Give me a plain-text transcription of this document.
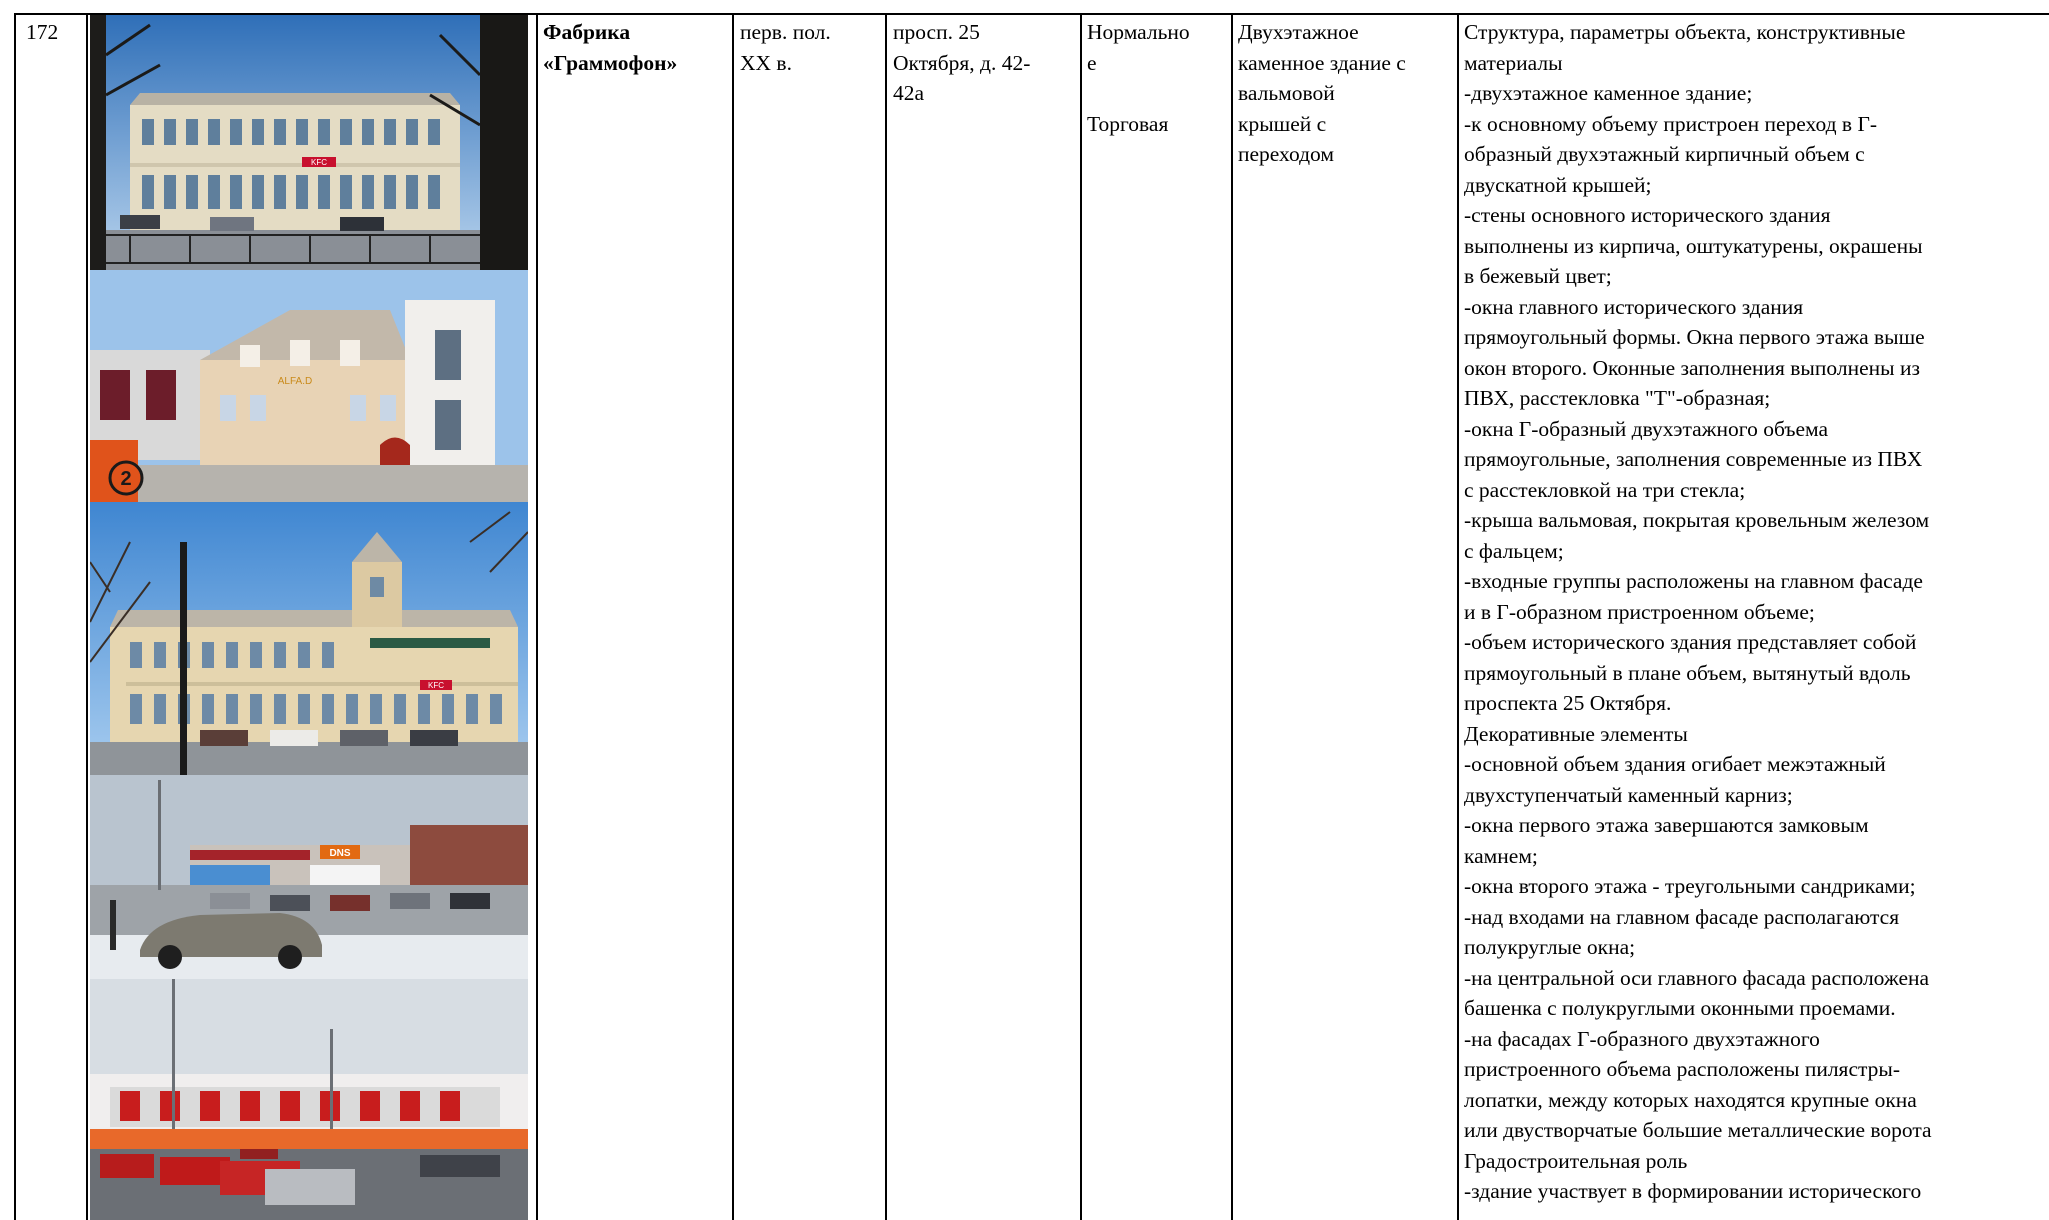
172	Фабрика
«Граммофон»
перв. пол.
XX в.
просп. 25
Октября, д. 42-
42а
Нормально
е

Торговая
Двухэтажное
каменное здание с
вальмовой
крышей с
переходом
Структура, параметры объекта, конструктивные
материалы
-двухэтажное каменное здание;
-к основному объему пристроен переход в Г-
образный двухэтажный кирпичный объем с
двускатной крышей;
-стены основного исторического здания
выполнены из кирпича, оштукатурены, окрашены
в бежевый цвет;
-окна главного исторического здания
прямоугольный формы. Окна первого этажа выше
окон второго. Оконные заполнения выполнены из
ПВХ, расстекловка "Т"-образная;
-окна Г-образный двухэтажного объема
прямоугольные, заполнения современные из ПВХ
с расстекловкой на три стекла;
-крыша вальмовая, покрытая кровельным железом
с фальцем;
-входные группы расположены на главном фасаде
и в Г-образном пристроенном объеме;
-объем исторического здания представляет собой
прямоугольный в плане объем, вытянутый вдоль
проспекта 25 Октября.
Декоративные элементы
-основной объем здания огибает межэтажный
двухступенчатый каменный карниз;
-окна первого этажа завершаются замковым
камнем;
-окна второго этажа - треугольными сандриками;
-над входами на главном фасаде располагаются
полукруглые окна;
-на центральной оси главного фасада расположена
башенка с полукруглыми оконными проемами.
-на фасадах Г-образного двухэтажного
пристроенного объема расположены пилястры-
лопатки, между которых находятся крупные окна
или двустворчатые большие металлические ворота
Градостроительная роль
-здание участвует в формировании исторического
KFC
ALFA.D
2
KFC
DNS
